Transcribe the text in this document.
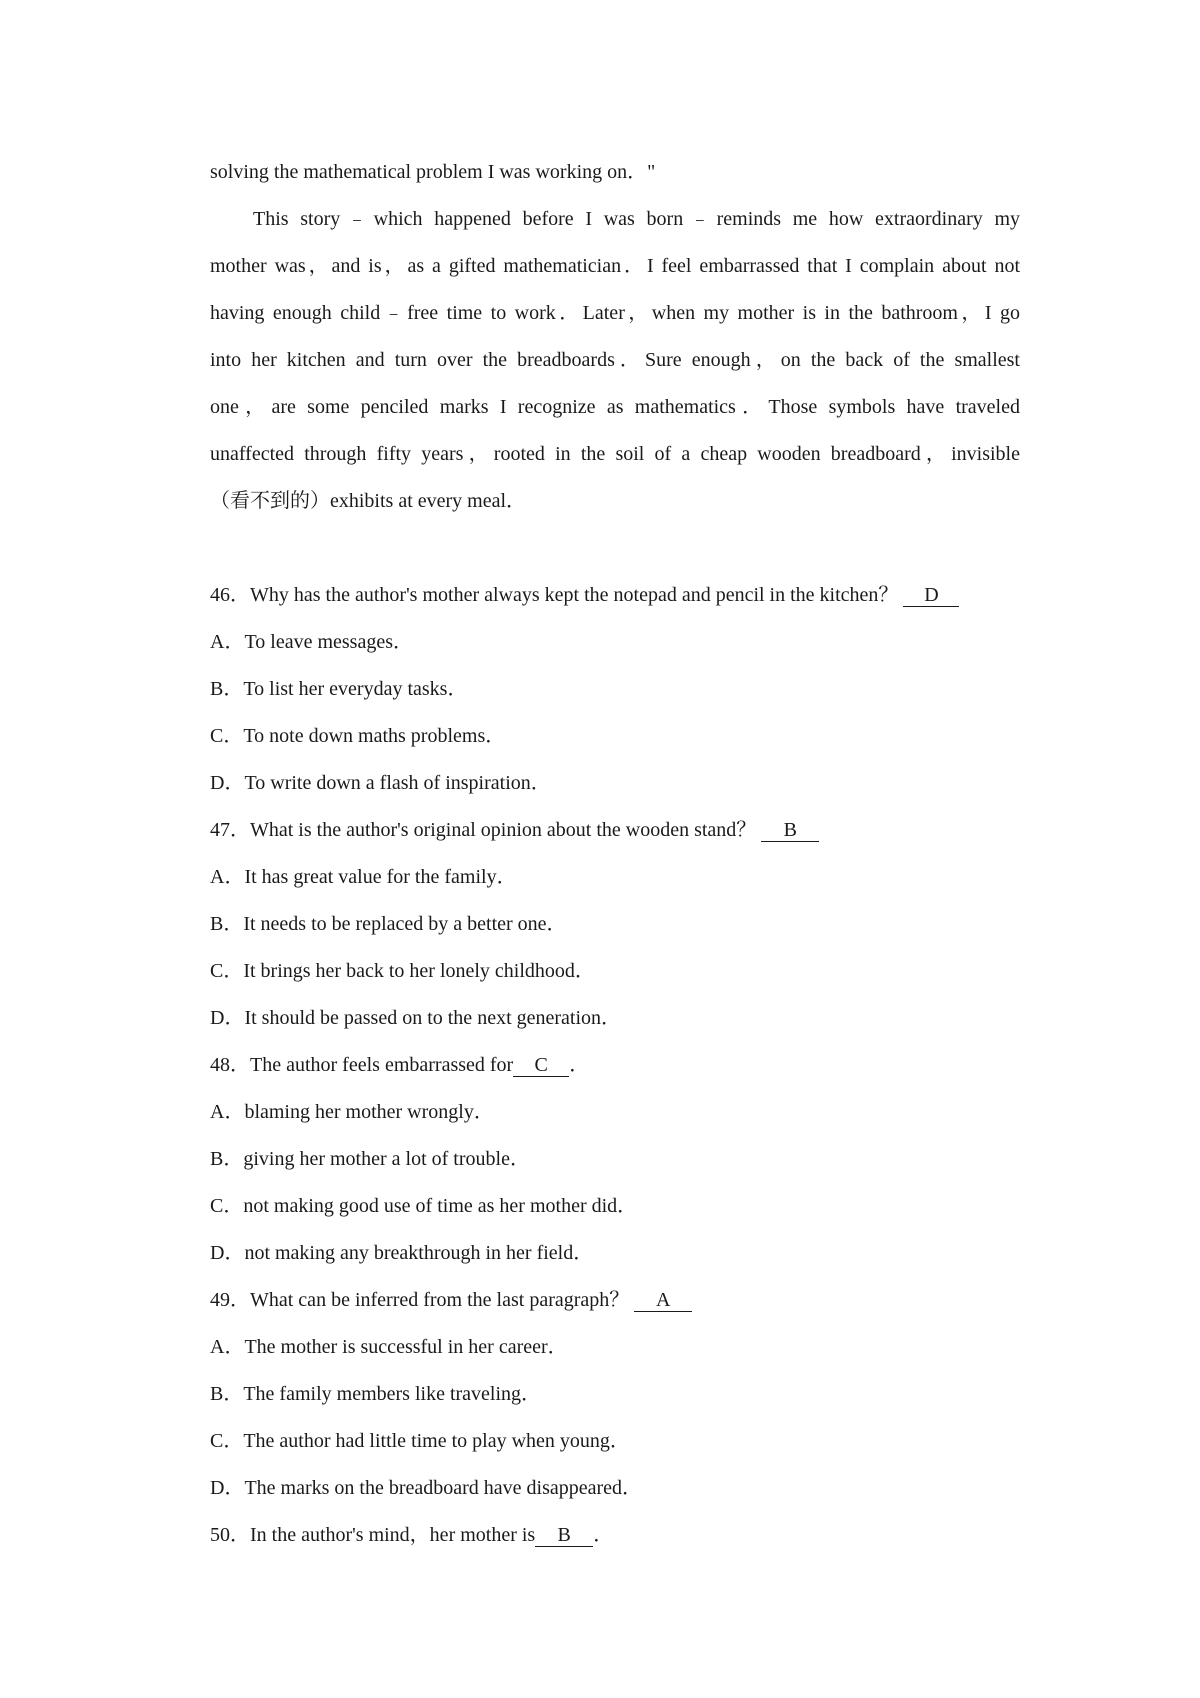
solving the mathematical problem I was working on．"
This story﹣which happened before I was born﹣reminds me how extraordinary my
mother was，and is，as a gifted mathematician．I feel embarrassed that I complain about not
having enough child﹣free time to work．Later，when my mother is in the bathroom，I go
into her kitchen and turn over the breadboards．Sure enough，on the back of the smallest
one，are some penciled marks I recognize as mathematics．Those symbols have traveled
unaffected through fifty years，rooted in the soil of a cheap wooden breadboard，invisible
（看不到的）exhibits at every meal．
46．Why has the author's mother always kept the notepad and pencil in the kitchen？ D
A．To leave messages．
B．To list her everyday tasks．
C．To note down maths problems．
D．To write down a flash of inspiration．
47．What is the author's original opinion about the wooden stand？ B
A．It has great value for the family．
B．It needs to be replaced by a better one．
C．It brings her back to her lonely childhood．
D．It should be passed on to the next generation．
48．The author feels embarrassed for C ．
A．blaming her mother wrongly．
B．giving her mother a lot of trouble．
C．not making good use of time as her mother did．
D．not making any breakthrough in her field．
49．What can be inferred from the last paragraph？ A
A．The mother is successful in her career．
B．The family members like traveling．
C．The author had little time to play when young．
D．The marks on the breadboard have disappeared．
50．In the author's mind，her mother is B ．
